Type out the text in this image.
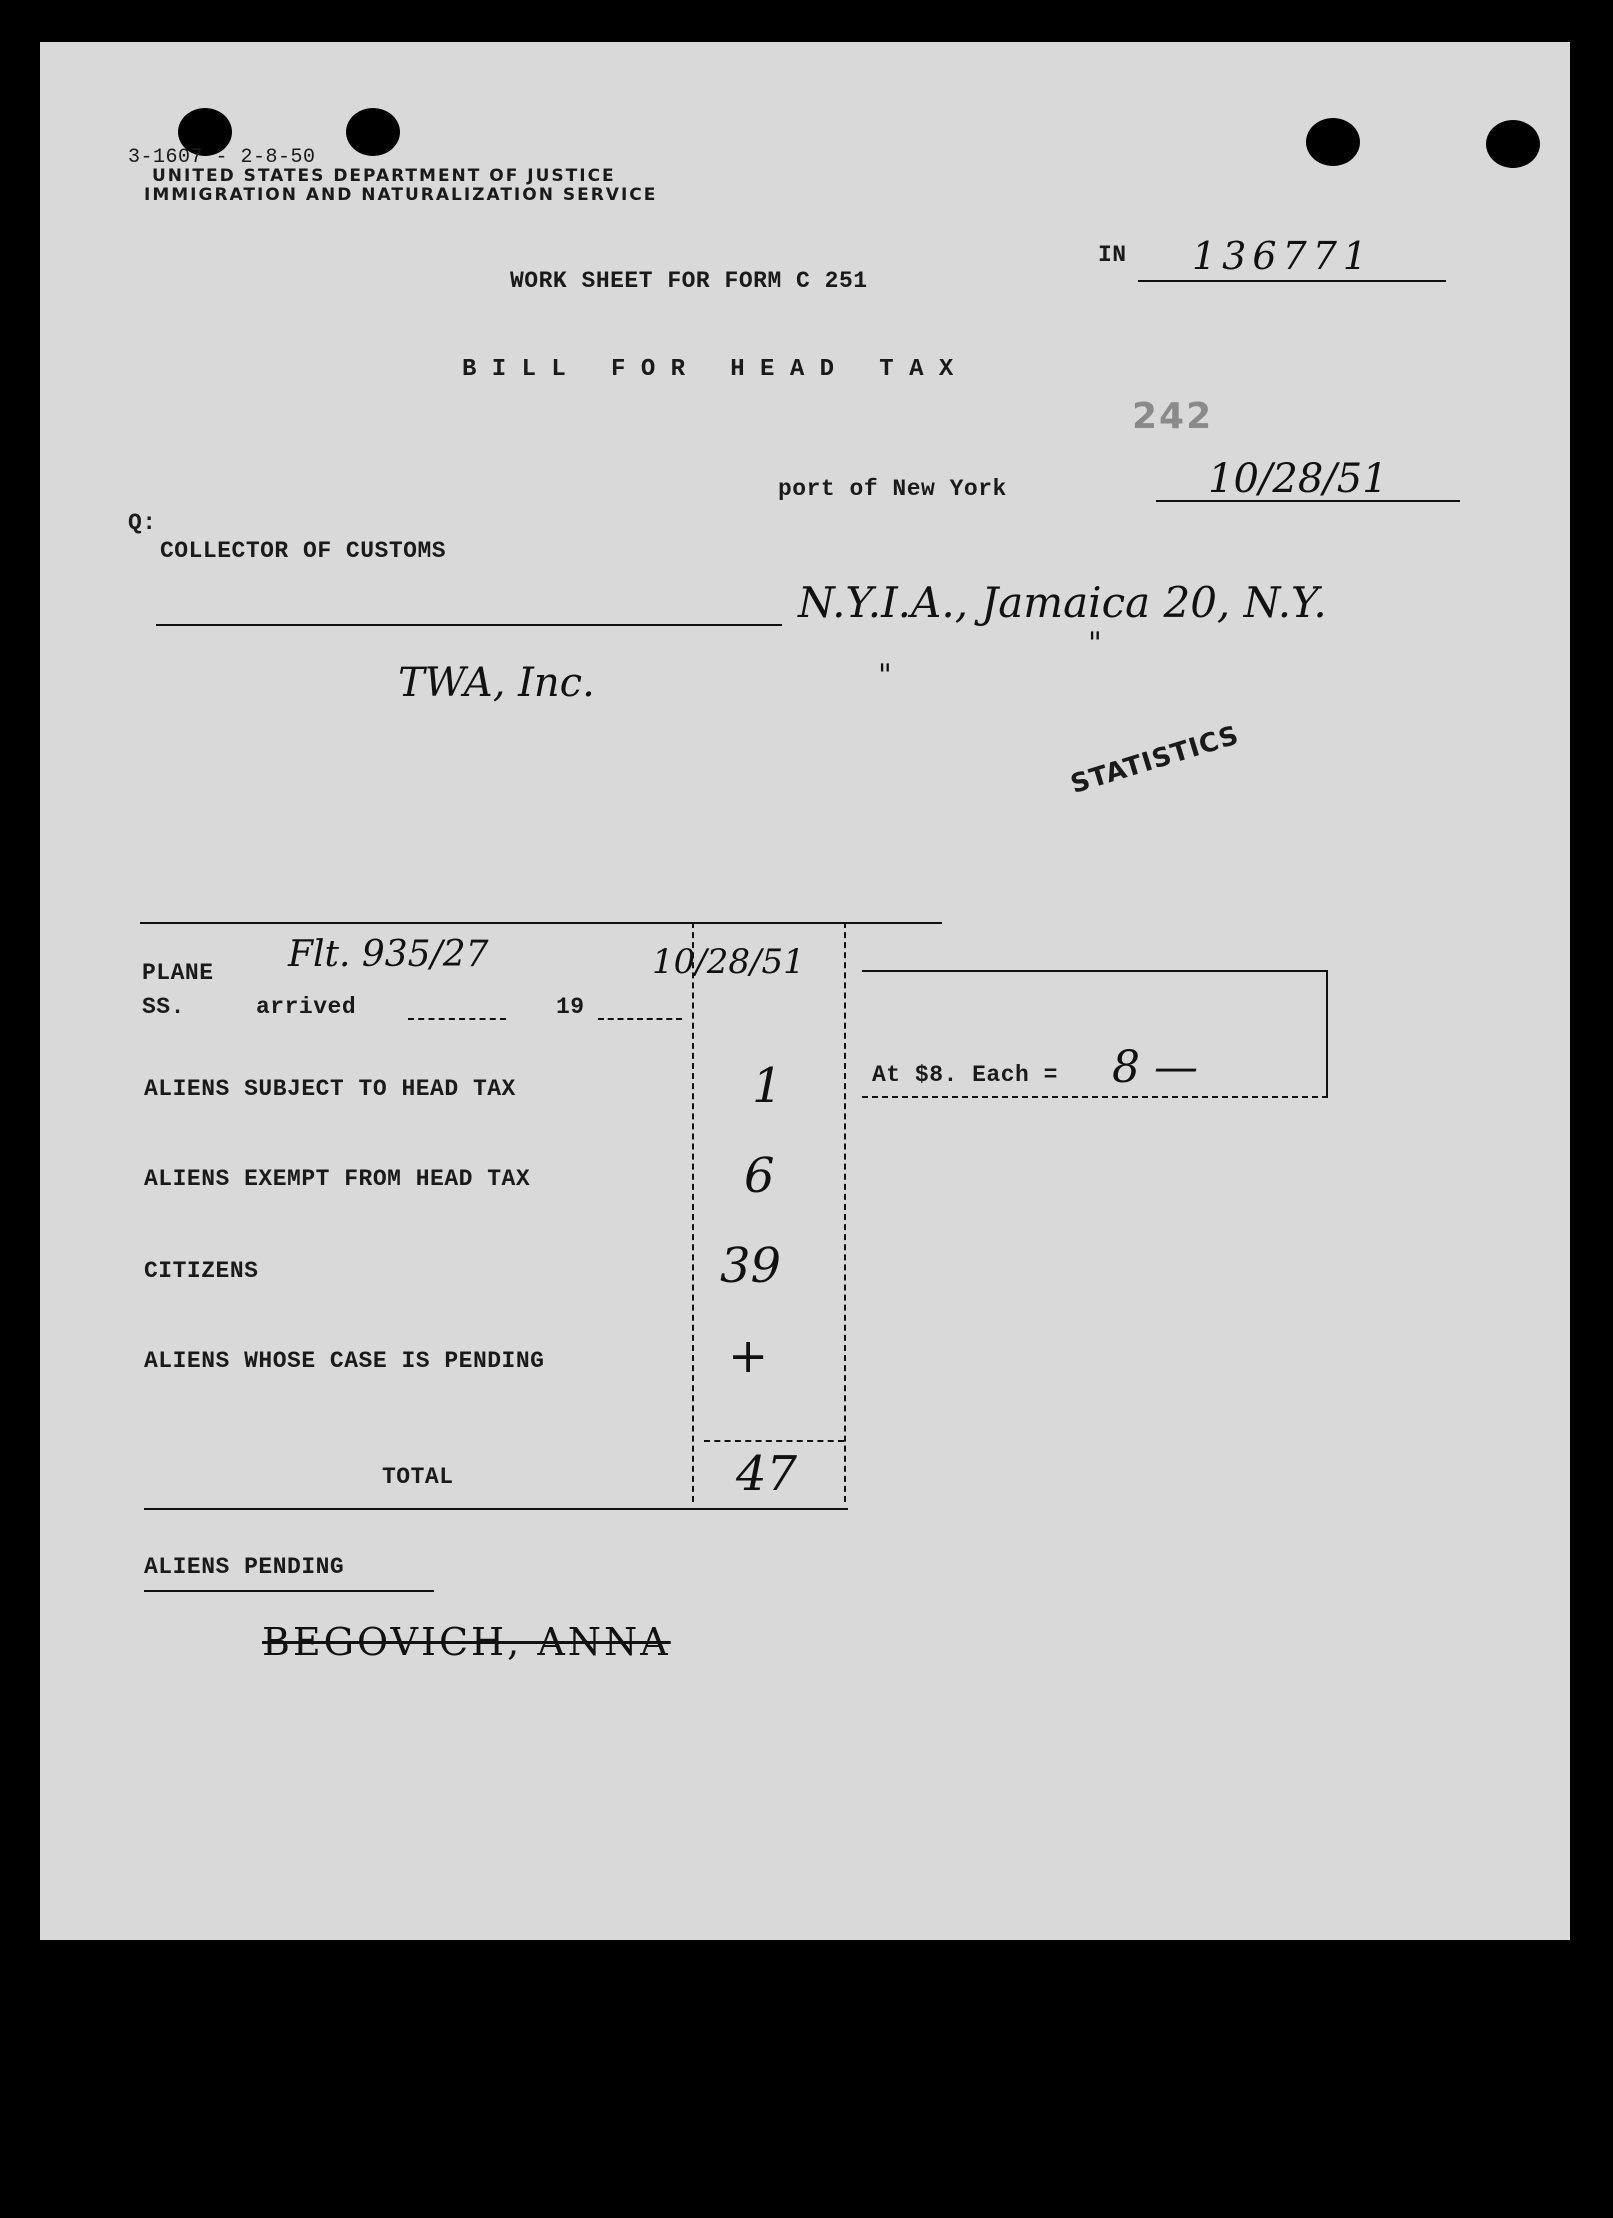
3-1607 - 2-8-50
UNITED STATES DEPARTMENT OF JUSTICE
IMMIGRATION AND NATURALIZATION SERVICE
IN 136771
WORK SHEET FOR FORM C 251
B I L L   F O R   H E A D   T A X
242
port of New York	10/28/51
Q:
COLLECTOR OF CUSTOMS
N.Y.I.A., Jamaica 20, N.Y.
TWA, Inc.	"
"
STATISTICS
PLANE
SS.	arrived	19
Flt. 935/27	10/28/51
ALIENS SUBJECT TO HEAD TAX	1
ALIENS EXEMPT FROM HEAD TAX	6
CITIZENS	39
ALIENS WHOSE CASE IS PENDING	+
TOTAL	47
At $8. Each = 8 —
ALIENS PENDING
BEGOVICH, ANNA
